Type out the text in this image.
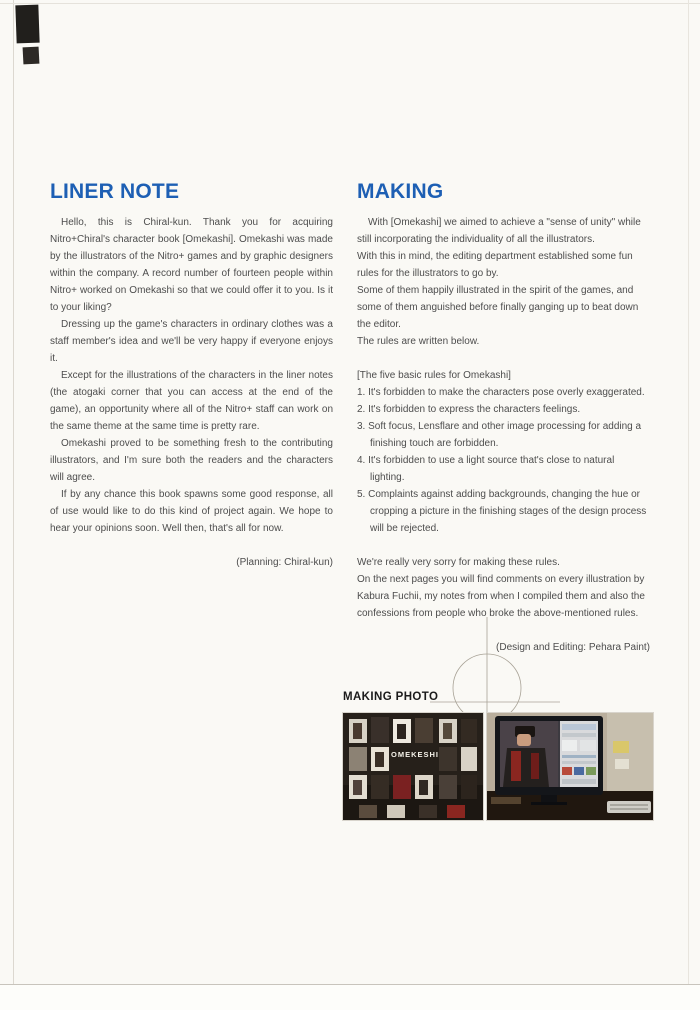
LINER NOTE

Hello, this is Chiral-kun. Thank you for acquiring Nitro+Chiral's character book [Omekashi]. Omekashi was made by the illustrators of the Nitro+ games and by graphic designers within the company. A record number of fourteen people within Nitro+ worked on Omekashi so that we could offer it to you. Is it to your liking?

Dressing up the game's characters in ordinary clothes was a staff member's idea and we'll be very happy if everyone enjoys it.

Except for the illustrations of the characters in the liner notes (the atogaki corner that you can access at the end of the game), an opportunity where all of the Nitro+ staff can work on the same theme at the same time is pretty rare.

Omekashi proved to be something fresh to the contributing illustrators, and I'm sure both the readers and the characters will agree.

If by any chance this book spawns some good response, all of use would like to do this kind of project again. We hope to hear your opinions soon. Well then, that's all for now.

(Planning: Chiral-kun)

MAKING

With [Omekashi] we aimed to achieve a "sense of unity" while still incorporating the individuality of all the illustrators.

With this in mind, the editing department established some fun rules for the illustrators to go by.

Some of them happily illustrated in the spirit of the games, and some of them anguished before finally ganging up to beat down the editor.

The rules are written below.

[The five basic rules for Omekashi]

1. It's forbidden to make the characters pose overly exaggerated.

2. It's forbidden to express the characters feelings.

3. Soft focus, Lensflare and other image processing for adding a finishing touch are forbidden.

4. It's forbidden to use a light source that's close to natural lighting.

5. Complaints against adding backgrounds, changing the hue or cropping a picture in the finishing stages of the design process will be rejected.

We're really very sorry for making these rules.

On the next pages you will find comments on every illustration by Kabura Fuchii, my notes from when I compiled them and also the confessions from people who broke the above-mentioned rules.

(Design and Editing: Pehara Paint)

MAKING PHOTO
OMEKESHI
